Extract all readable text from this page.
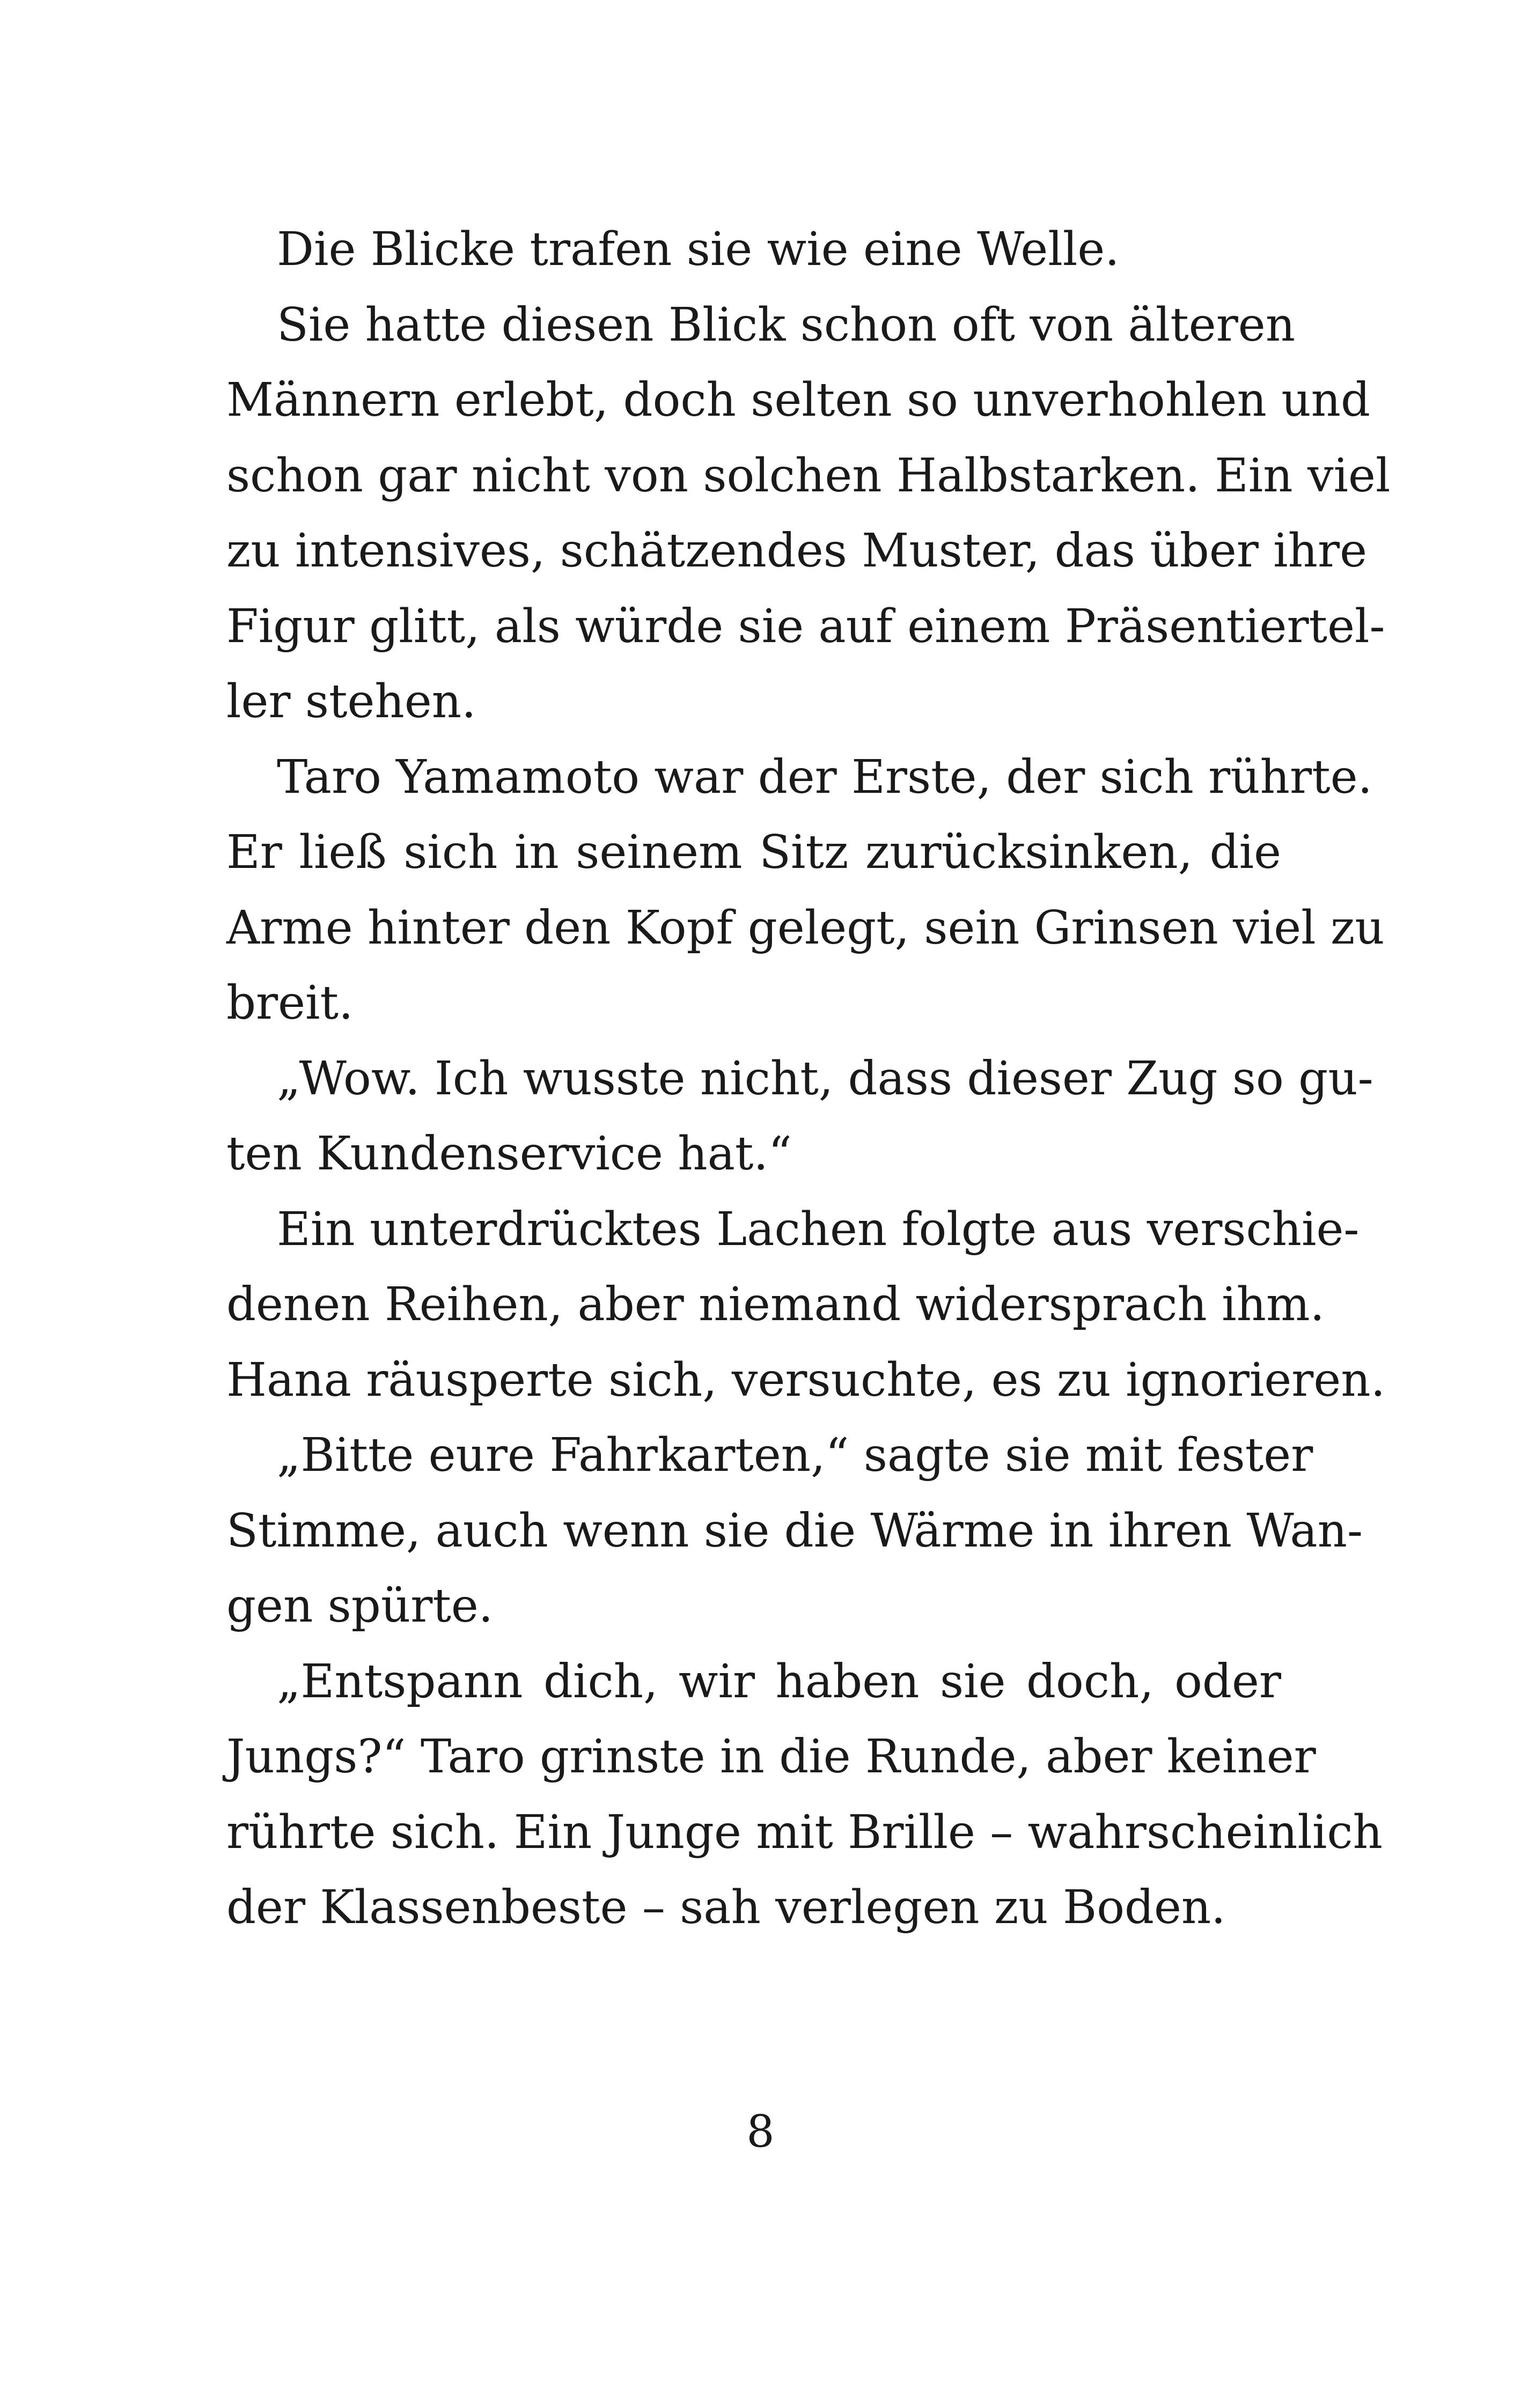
Die Blicke trafen sie wie eine Welle.
Sie hatte diesen Blick schon oft von älteren
Männern erlebt, doch selten so unverhohlen und
schon gar nicht von solchen Halbstarken. Ein viel
zu intensives, schätzendes Muster, das über ihre
Figur glitt, als würde sie auf einem Präsentiertel-
ler stehen.
Taro Yamamoto war der Erste, der sich rührte.
Er ließ sich in seinem Sitz zurücksinken, die
Arme hinter den Kopf gelegt, sein Grinsen viel zu
breit.
„Wow. Ich wusste nicht, dass dieser Zug so gu-
ten Kundenservice hat.“
Ein unterdrücktes Lachen folgte aus verschie-
denen Reihen, aber niemand widersprach ihm.
Hana räusperte sich, versuchte, es zu ignorieren.
„Bitte eure Fahrkarten,“ sagte sie mit fester
Stimme, auch wenn sie die Wärme in ihren Wan-
gen spürte.
„Entspann dich, wir haben sie doch, oder
Jungs?“ Taro grinste in die Runde, aber keiner
rührte sich. Ein Junge mit Brille – wahrscheinlich
der Klassenbeste – sah verlegen zu Boden.
8
